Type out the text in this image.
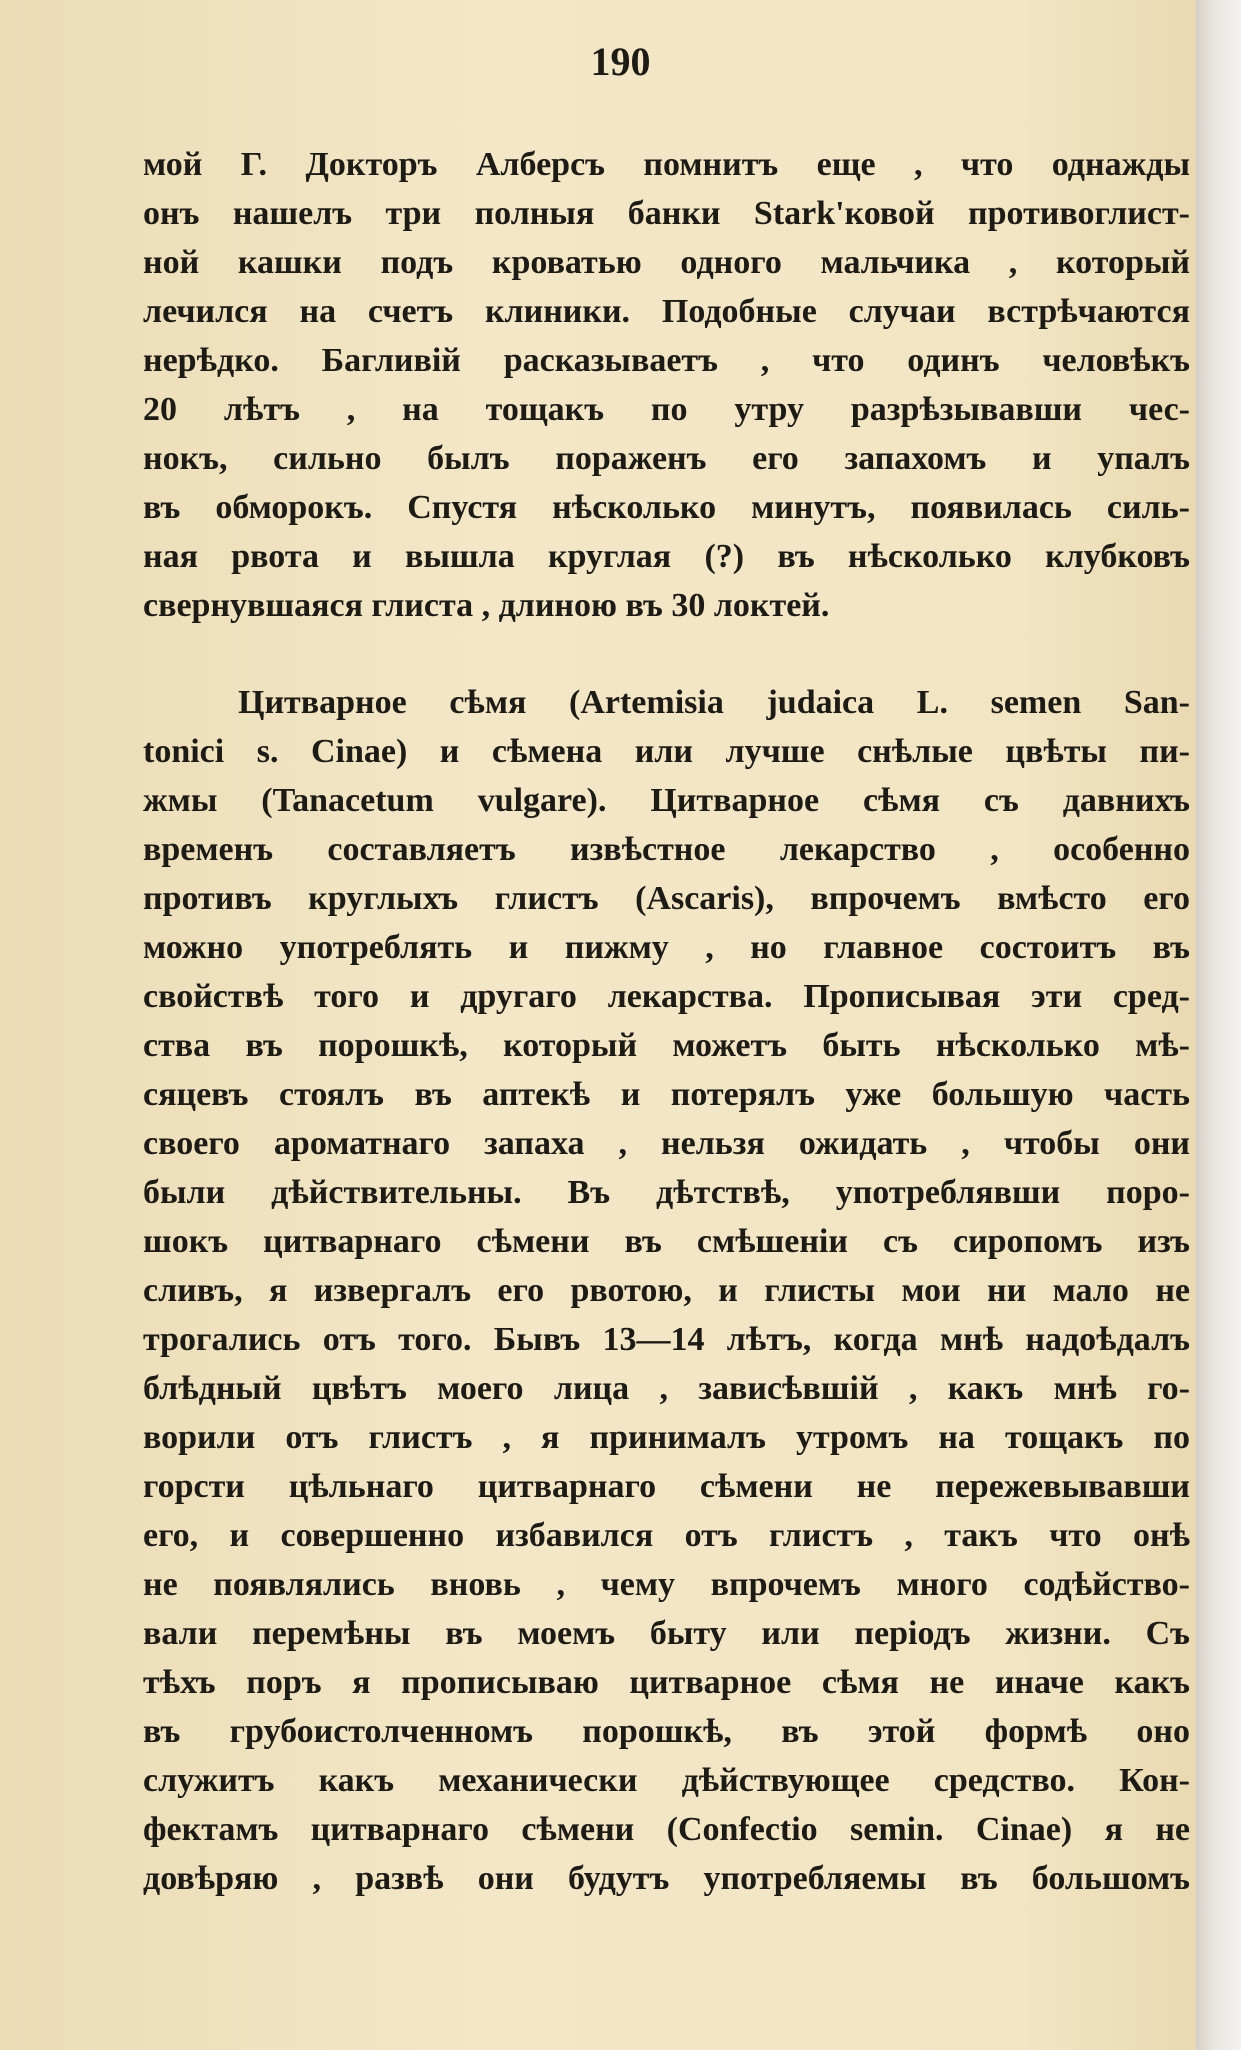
190
мой Г. Докторъ Алберсъ помнитъ еще , что однажды
онъ нашелъ три полныя банки Stark'ковой противоглист-
ной кашки подъ кроватью одного мальчика , который
лечился на счетъ клиники. Подобные случаи встрѣчаются
нерѣдко. Багливій расказываетъ , что одинъ человѣкъ
20 лѣтъ , на тощакъ по утру разрѣзывавши чес-
нокъ, сильно былъ пораженъ его запахомъ и упалъ
въ обморокъ. Спустя нѣсколько минутъ, появилась силь-
ная рвота и вышла круглая (?) въ нѣсколько клубковъ
свернувшаяся глиста , длиною въ 30 локтей.
Цитварное сѣмя (Artemisia judaica L. semen San-
tonici s. Cinae) и сѣмена или лучше снѣлые цвѣты пи-
жмы (Tanacetum vulgare). Цитварное сѣмя съ давнихъ
временъ составляетъ извѣстное лекарство , особенно
противъ круглыхъ глистъ (Ascaris), впрочемъ вмѣсто его
можно употреблять и пижму , но главное состоитъ въ
свойствѣ того и другаго лекарства. Прописывая эти сред-
ства въ порошкѣ, который можетъ быть нѣсколько мѣ-
сяцевъ стоялъ въ аптекѣ и потерялъ уже большую часть
своего ароматнаго запаха , нельзя ожидать , чтобы они
были дѣйствительны. Въ дѣтствѣ, употреблявши поро-
шокъ цитварнаго сѣмени въ смѣшеніи съ сиропомъ изъ
сливъ, я извергалъ его рвотою, и глисты мои ни мало не
трогались отъ того. Бывъ 13—14 лѣтъ, когда мнѣ надоѣдалъ
блѣдный цвѣтъ моего лица , зависѣвшій , какъ мнѣ го-
ворили отъ глистъ , я принималъ утромъ на тощакъ по
горсти цѣльнаго цитварнаго сѣмени не пережевывавши
его, и совершенно избавился отъ глистъ , такъ что онѣ
не появлялись вновь , чему впрочемъ много содѣйство-
вали перемѣны въ моемъ быту или періодъ жизни. Съ
тѣхъ поръ я прописываю цитварное сѣмя не иначе какъ
въ грубоистолченномъ порошкѣ, въ этой формѣ оно
служитъ какъ механически дѣйствующее средство. Кон-
фектамъ цитварнаго сѣмени (Confectio semin. Cinae) я не
довѣряю , развѣ они будутъ употребляемы въ большомъ
